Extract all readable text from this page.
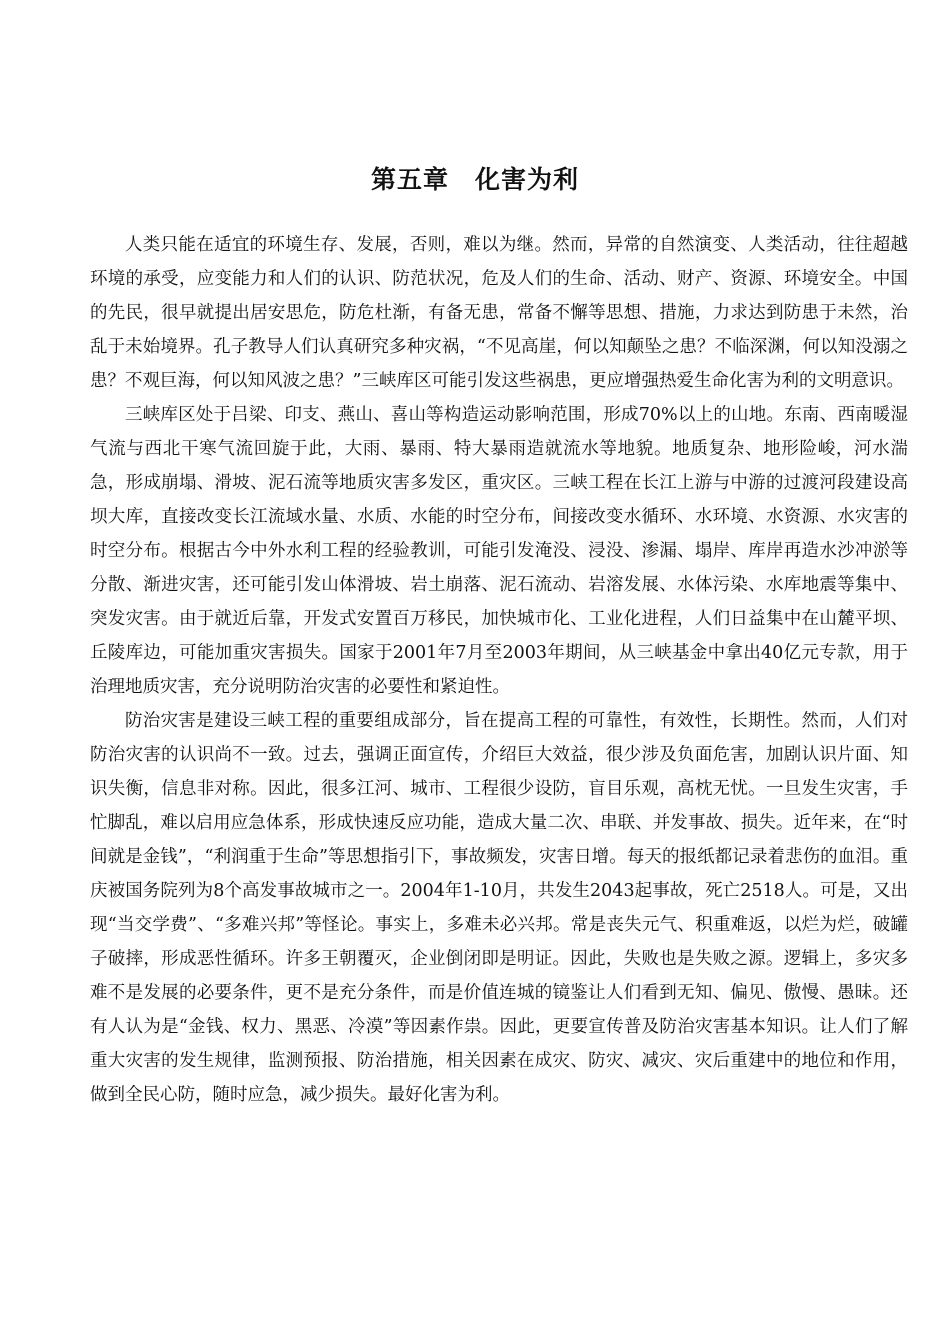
第五章　化害为利

人类只能在适宜的环境生存、发展，否则，难以为继。然而，异常的自然演变、人类活动，往往超越环境的承受，应变能力和人们的认识、防范状况，危及人们的生命、活动、财产、资源、环境安全。中国的先民，很早就提出居安思危，防危杜渐，有备无患，常备不懈等思想、措施，力求达到防患于未然，治乱于未始境界。孔子教导人们认真研究多种灾祸，“不见高崖，何以知颠坠之患？不临深渊，何以知没溺之患？不观巨海，何以知风波之患？”三峡库区可能引发这些祸患，更应增强热爱生命化害为利的文明意识。

三峡库区处于吕梁、印支、燕山、喜山等构造运动影响范围，形成70%以上的山地。东南、西南暖湿气流与西北干寒气流回旋于此，大雨、暴雨、特大暴雨造就流水等地貌。地质复杂、地形险峻，河水湍急，形成崩塌、滑坡、泥石流等地质灾害多发区，重灾区。三峡工程在长江上游与中游的过渡河段建设高坝大库，直接改变长江流域水量、水质、水能的时空分布，间接改变水循环、水环境、水资源、水灾害的时空分布。根据古今中外水利工程的经验教训，可能引发淹没、浸没、渗漏、塌岸、库岸再造水沙冲淤等分散、渐进灾害，还可能引发山体滑坡、岩土崩落、泥石流动、岩溶发展、水体污染、水库地震等集中、突发灾害。由于就近后靠，开发式安置百万移民，加快城市化、工业化进程，人们日益集中在山麓平坝、丘陵库边，可能加重灾害损失。国家于2001年7月至2003年期间，从三峡基金中拿出40亿元专款，用于治理地质灾害，充分说明防治灾害的必要性和紧迫性。

防治灾害是建设三峡工程的重要组成部分，旨在提高工程的可靠性，有效性，长期性。然而，人们对防治灾害的认识尚不一致。过去，强调正面宣传，介绍巨大效益，很少涉及负面危害，加剧认识片面、知识失衡，信息非对称。因此，很多江河、城市、工程很少设防，盲目乐观，高枕无忧。一旦发生灾害，手忙脚乱，难以启用应急体系，形成快速反应功能，造成大量二次、串联、并发事故、损失。近年来，在“时间就是金钱”，“利润重于生命”等思想指引下，事故频发，灾害日增。每天的报纸都记录着悲伤的血泪。重庆被国务院列为8个高发事故城市之一。2004年1-10月，共发生2043起事故，死亡2518人。可是，又出现“当交学费”、“多难兴邦”等怪论。事实上，多难未必兴邦。常是丧失元气、积重难返，以烂为烂，破罐子破摔，形成恶性循环。许多王朝覆灭，企业倒闭即是明证。因此，失败也是失败之源。逻辑上，多灾多难不是发展的必要条件，更不是充分条件，而是价值连城的镜鉴让人们看到无知、偏见、傲慢、愚昧。还有人认为是“金钱、权力、黑恶、冷漠”等因素作祟。因此，更要宣传普及防治灾害基本知识。让人们了解重大灾害的发生规律，监测预报、防治措施，相关因素在成灾、防灾、减灾、灾后重建中的地位和作用，做到全民心防，随时应急，减少损失。最好化害为利。
